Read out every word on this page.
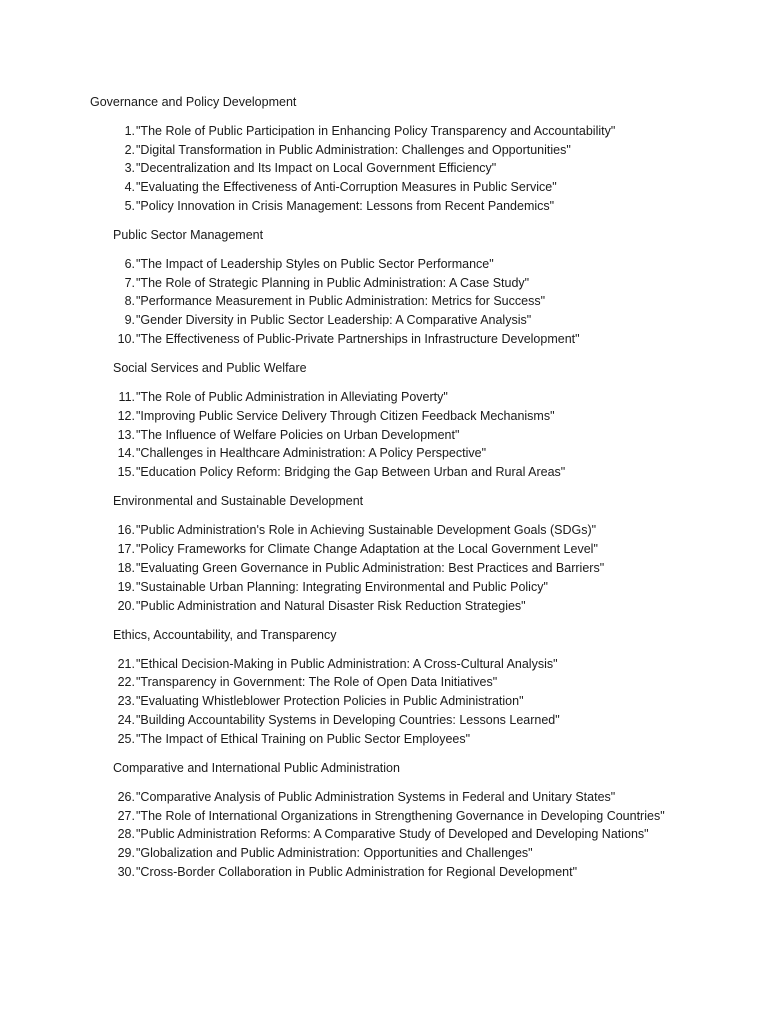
Governance and Policy Development
1. "The Role of Public Participation in Enhancing Policy Transparency and Accountability"
2. "Digital Transformation in Public Administration: Challenges and Opportunities"
3. "Decentralization and Its Impact on Local Government Efficiency"
4. "Evaluating the Effectiveness of Anti-Corruption Measures in Public Service"
5. "Policy Innovation in Crisis Management: Lessons from Recent Pandemics"
Public Sector Management
6. "The Impact of Leadership Styles on Public Sector Performance"
7. "The Role of Strategic Planning in Public Administration: A Case Study"
8. "Performance Measurement in Public Administration: Metrics for Success"
9. "Gender Diversity in Public Sector Leadership: A Comparative Analysis"
10. "The Effectiveness of Public-Private Partnerships in Infrastructure Development"
Social Services and Public Welfare
11. "The Role of Public Administration in Alleviating Poverty"
12. "Improving Public Service Delivery Through Citizen Feedback Mechanisms"
13. "The Influence of Welfare Policies on Urban Development"
14. "Challenges in Healthcare Administration: A Policy Perspective"
15. "Education Policy Reform: Bridging the Gap Between Urban and Rural Areas"
Environmental and Sustainable Development
16. "Public Administration's Role in Achieving Sustainable Development Goals (SDGs)"
17. "Policy Frameworks for Climate Change Adaptation at the Local Government Level"
18. "Evaluating Green Governance in Public Administration: Best Practices and Barriers"
19. "Sustainable Urban Planning: Integrating Environmental and Public Policy"
20. "Public Administration and Natural Disaster Risk Reduction Strategies"
Ethics, Accountability, and Transparency
21. "Ethical Decision-Making in Public Administration: A Cross-Cultural Analysis"
22. "Transparency in Government: The Role of Open Data Initiatives"
23. "Evaluating Whistleblower Protection Policies in Public Administration"
24. "Building Accountability Systems in Developing Countries: Lessons Learned"
25. "The Impact of Ethical Training on Public Sector Employees"
Comparative and International Public Administration
26. "Comparative Analysis of Public Administration Systems in Federal and Unitary States"
27. "The Role of International Organizations in Strengthening Governance in Developing Countries"
28. "Public Administration Reforms: A Comparative Study of Developed and Developing Nations"
29. "Globalization and Public Administration: Opportunities and Challenges"
30. "Cross-Border Collaboration in Public Administration for Regional Development"
